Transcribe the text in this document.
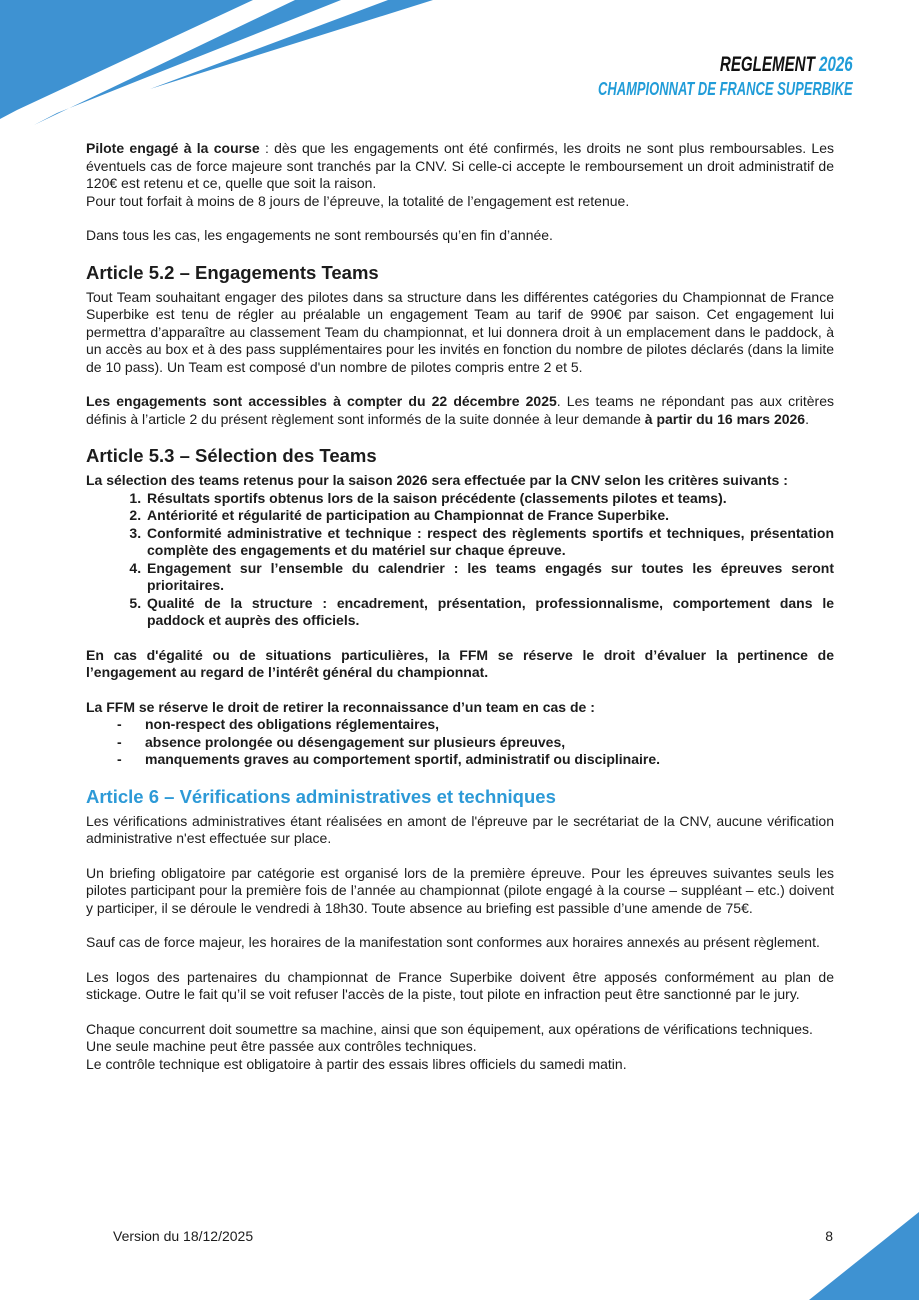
REGLEMENT 2026
CHAMPIONNAT DE FRANCE SUPERBIKE

Pilote engagé à la course : dès que les engagements ont été confirmés, les droits ne sont plus remboursables. Les éventuels cas de force majeure sont tranchés par la CNV. Si celle-ci accepte le remboursement un droit administratif de 120€ est retenu et ce, quelle que soit la raison.

Pour tout forfait à moins de 8 jours de l’épreuve, la totalité de l’engagement est retenue.

Dans tous les cas, les engagements ne sont remboursés qu’en fin d’année.

Article 5.2 – Engagements Teams

Tout Team souhaitant engager des pilotes dans sa structure dans les différentes catégories du Championnat de France Superbike est tenu de régler au préalable un engagement Team au tarif de 990€ par saison. Cet engagement lui permettra d’apparaître au classement Team du championnat, et lui donnera droit à un emplacement dans le paddock, à un accès au box et à des pass supplémentaires pour les invités en fonction du nombre de pilotes déclarés (dans la limite de 10 pass). Un Team est composé d'un nombre de pilotes compris entre 2 et 5.

Les engagements sont accessibles à compter du 22 décembre 2025. Les teams ne répondant pas aux critères définis à l’article 2 du présent règlement sont informés de la suite donnée à leur demande à partir du 16 mars 2026.

Article 5.3 – Sélection des Teams

La sélection des teams retenus pour la saison 2026 sera effectuée par la CNV selon les critères suivants :

1. Résultats sportifs obtenus lors de la saison précédente (classements pilotes et teams).
2. Antériorité et régularité de participation au Championnat de France Superbike.
3. Conformité administrative et technique : respect des règlements sportifs et techniques, présentation complète des engagements et du matériel sur chaque épreuve.
4. Engagement sur l’ensemble du calendrier : les teams engagés sur toutes les épreuves seront prioritaires.
5. Qualité de la structure : encadrement, présentation, professionnalisme, comportement dans le paddock et auprès des officiels.

En cas d'égalité ou de situations particulières, la FFM se réserve le droit d’évaluer la pertinence de l’engagement au regard de l’intérêt général du championnat.

La FFM se réserve le droit de retirer la reconnaissance d’un team en cas de :

- non-respect des obligations réglementaires,
- absence prolongée ou désengagement sur plusieurs épreuves,
- manquements graves au comportement sportif, administratif ou disciplinaire.
Article 6 – Vérifications administratives et techniques

Les vérifications administratives étant réalisées en amont de l'épreuve par le secrétariat de la CNV, aucune vérification administrative n'est effectuée sur place.

Un briefing obligatoire par catégorie est organisé lors de la première épreuve. Pour les épreuves suivantes seuls les pilotes participant pour la première fois de l’année au championnat (pilote engagé à la course – suppléant – etc.) doivent y participer, il se déroule le vendredi à 18h30. Toute absence au briefing est passible d’une amende de 75€.

Sauf cas de force majeur, les horaires de la manifestation sont conformes aux horaires annexés au présent règlement.

Les logos des partenaires du championnat de France Superbike doivent être apposés conformément au plan de stickage. Outre le fait qu’il se voit refuser l'accès de la piste, tout pilote en infraction peut être sanctionné par le jury.

Chaque concurrent doit soumettre sa machine, ainsi que son équipement, aux opérations de vérifications techniques.

Une seule machine peut être passée aux contrôles techniques.

Le contrôle technique est obligatoire à partir des essais libres officiels du samedi matin.

Version du 18/12/2025	8
